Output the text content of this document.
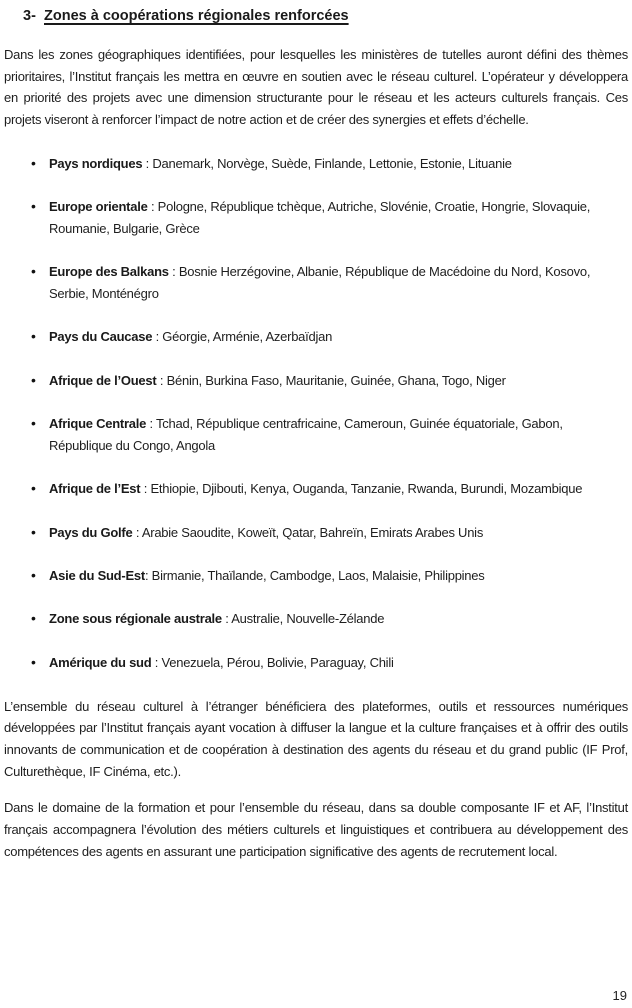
3- Zones à coopérations régionales renforcées

Dans les zones géographiques identifiées, pour lesquelles les ministères de tutelles auront défini des thèmes prioritaires, l’Institut français les mettra en œuvre en soutien avec le réseau culturel. L’opérateur y développera en priorité des projets avec une dimension structurante pour le réseau et les acteurs culturels français. Ces projets viseront à renforcer l’impact de notre action et de créer des synergies et effets d’échelle.

• Pays nordiques : Danemark, Norvège, Suède, Finlande, Lettonie, Estonie, Lituanie
• Europe orientale : Pologne, République tchèque, Autriche, Slovénie, Croatie, Hongrie, Slovaquie, Roumanie, Bulgarie, Grèce
• Europe des Balkans : Bosnie Herzégovine, Albanie, République de Macédoine du Nord, Kosovo, Serbie, Monténégro
• Pays du Caucase : Géorgie, Arménie, Azerbaïdjan
• Afrique de l’Ouest : Bénin, Burkina Faso, Mauritanie, Guinée, Ghana, Togo, Niger
• Afrique Centrale : Tchad, République centrafricaine, Cameroun, Guinée équatoriale, Gabon, République du Congo, Angola
• Afrique de l’Est : Ethiopie, Djibouti, Kenya, Ouganda, Tanzanie, Rwanda, Burundi, Mozambique
• Pays du Golfe : Arabie Saoudite, Koweït, Qatar, Bahreïn, Emirats Arabes Unis
• Asie du Sud-Est: Birmanie, Thaïlande, Cambodge, Laos, Malaisie, Philippines
• Zone sous régionale australe : Australie, Nouvelle-Zélande
• Amérique du sud : Venezuela, Pérou, Bolivie, Paraguay, Chili

L’ensemble du réseau culturel à l’étranger bénéficiera des plateformes, outils et ressources numériques développées par l’Institut français ayant vocation à diffuser la langue et la culture françaises et à offrir des outils innovants de communication et de coopération à destination des agents du réseau et du grand public (IF Prof, Culturethèque, IF Cinéma, etc.).

Dans le domaine de la formation et pour l’ensemble du réseau, dans sa double composante IF et AF, l’Institut français accompagnera l’évolution des métiers culturels et linguistiques et contribuera au développement des compétences des agents en assurant une participation significative des agents de recrutement local.

19
